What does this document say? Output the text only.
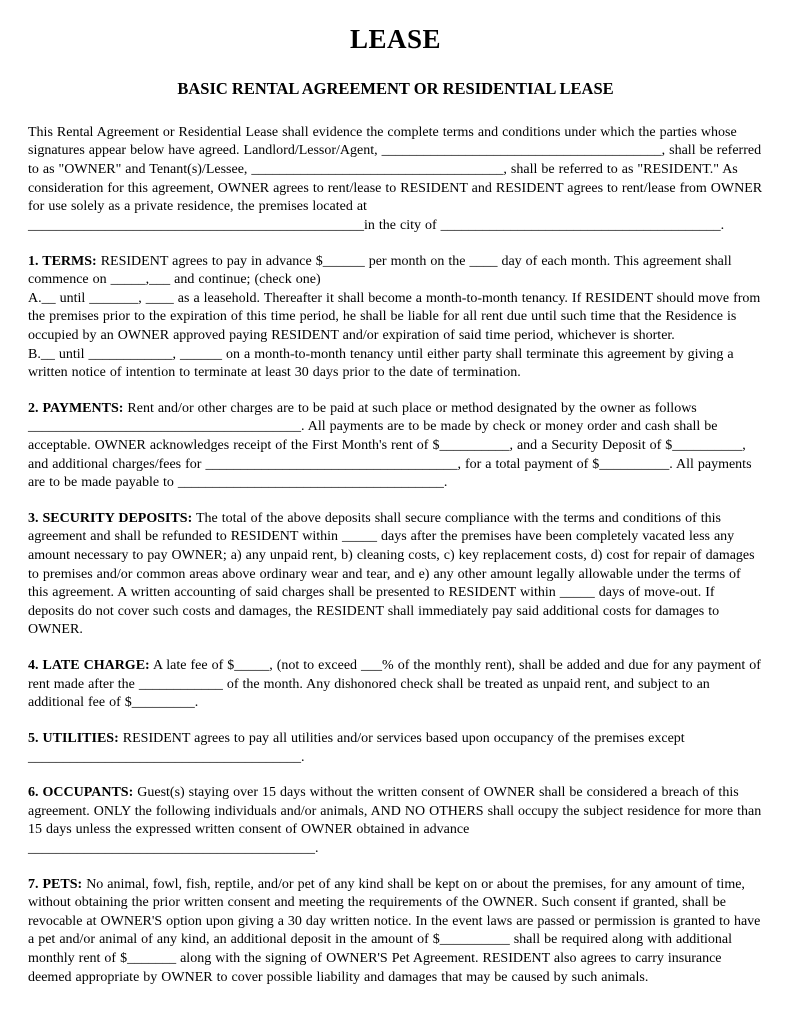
LEASE
BASIC RENTAL AGREEMENT OR RESIDENTIAL LEASE

This Rental Agreement or Residential Lease shall evidence the complete terms and conditions under which the parties whose signatures appear below have agreed. Landlord/Lessor/Agent, ________________________________________, shall be referred to as "OWNER" and Tenant(s)/Lessee, ____________________________________, shall be referred to as "RESIDENT." As consideration for this agreement, OWNER agrees to rent/lease to RESIDENT and RESIDENT agrees to rent/lease from OWNER for use solely as a private residence, the premises located at
________________________________________________in the city of ________________________________________.

1. TERMS: RESIDENT agrees to pay in advance $______ per month on the ____ day of each month. This agreement shall commence on _____,___ and continue; (check one)
A.__ until _______, ____ as a leasehold. Thereafter it shall become a month-to-month tenancy. If RESIDENT should move from the premises prior to the expiration of this time period, he shall be liable for all rent due until such time that the Residence is occupied by an OWNER approved paying RESIDENT and/or expiration of said time period, whichever is shorter.
B.__ until ____________, ______ on a month-to-month tenancy until either party shall terminate this agreement by giving a written notice of intention to terminate at least 30 days prior to the date of termination.

2. PAYMENTS: Rent and/or other charges are to be paid at such place or method designated by the owner as follows
_______________________________________. All payments are to be made by check or money order and cash shall be acceptable. OWNER acknowledges receipt of the First Month's rent of $__________, and a Security Deposit of $__________, and additional charges/fees for ____________________________________, for a total payment of $__________. All payments are to be made payable to ______________________________________.

3. SECURITY DEPOSITS: The total of the above deposits shall secure compliance with the terms and conditions of this agreement and shall be refunded to RESIDENT within _____ days after the premises have been completely vacated less any amount necessary to pay OWNER; a) any unpaid rent, b) cleaning costs, c) key replacement costs, d) cost for repair of damages to premises and/or common areas above ordinary wear and tear, and e) any other amount legally allowable under the terms of this agreement. A written accounting of said charges shall be presented to RESIDENT within _____ days of move-out. If deposits do not cover such costs and damages, the RESIDENT shall immediately pay said additional costs for damages to OWNER.

4. LATE CHARGE: A late fee of $_____, (not to exceed ___% of the monthly rent), shall be added and due for any payment of rent made after the ____________ of the month. Any dishonored check shall be treated as unpaid rent, and subject to an additional fee of $_________.

5. UTILITIES: RESIDENT agrees to pay all utilities and/or services based upon occupancy of the premises except
_______________________________________.

6. OCCUPANTS: Guest(s) staying over 15 days without the written consent of OWNER shall be considered a breach of this agreement. ONLY the following individuals and/or animals, AND NO OTHERS shall occupy the subject residence for more than 15 days unless the expressed written consent of OWNER obtained in advance
_________________________________________.

7. PETS: No animal, fowl, fish, reptile, and/or pet of any kind shall be kept on or about the premises, for any amount of time, without obtaining the prior written consent and meeting the requirements of the OWNER. Such consent if granted, shall be revocable at OWNER'S option upon giving a 30 day written notice. In the event laws are passed or permission is granted to have a pet and/or animal of any kind, an additional deposit in the amount of $__________ shall be required along with additional monthly rent of $_______ along with the signing of OWNER'S Pet Agreement. RESIDENT also agrees to carry insurance deemed appropriate by OWNER to cover possible liability and damages that may be caused by such animals.
